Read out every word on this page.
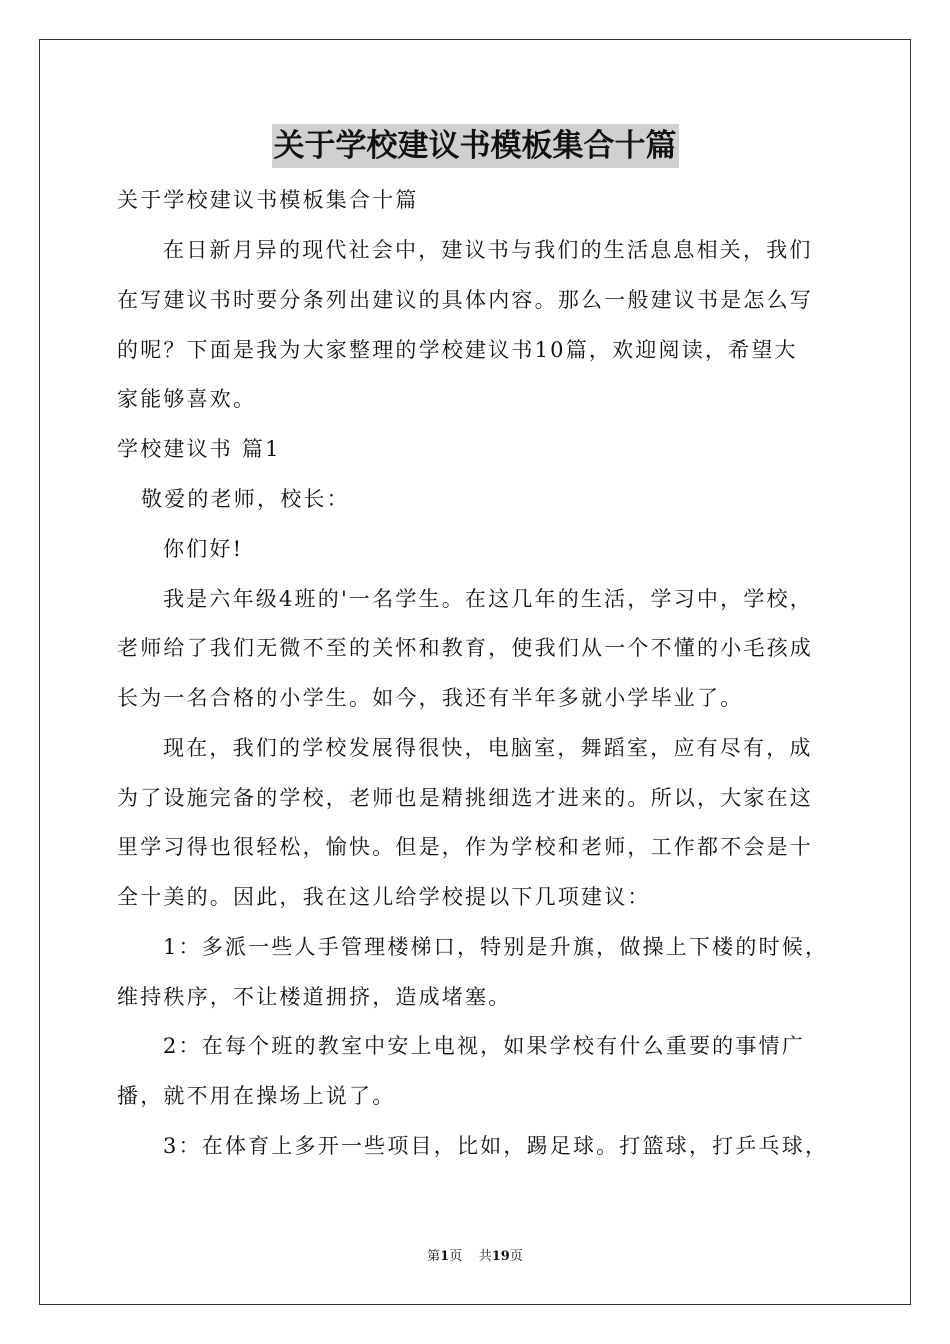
关于学校建议书模板集合十篇
关于学校建议书模板集合十篇
在日新月异的现代社会中，建议书与我们的生活息息相关，我们
在写建议书时要分条列出建议的具体内容。那么一般建议书是怎么写
的呢？下面是我为大家整理的学校建议书10篇，欢迎阅读，希望大
家能够喜欢。
学校建议书 篇1
敬爱的老师，校长：
你们好!
我是六年级4班的'一名学生。在这几年的生活，学习中，学校，
老师给了我们无微不至的关怀和教育，使我们从一个不懂的小毛孩成
长为一名合格的小学生。如今，我还有半年多就小学毕业了。
现在，我们的学校发展得很快，电脑室，舞蹈室，应有尽有，成
为了设施完备的学校，老师也是精挑细选才进来的。所以，大家在这
里学习得也很轻松，愉快。但是，作为学校和老师，工作都不会是十
全十美的。因此，我在这儿给学校提以下几项建议：
1：多派一些人手管理楼梯口，特别是升旗，做操上下楼的时候，
维持秩序，不让楼道拥挤，造成堵塞。
2：在每个班的教室中安上电视，如果学校有什么重要的事情广
播，就不用在操场上说了。
3：在体育上多开一些项目，比如，踢足球。打篮球，打乒乓球，
第1页 共19页
